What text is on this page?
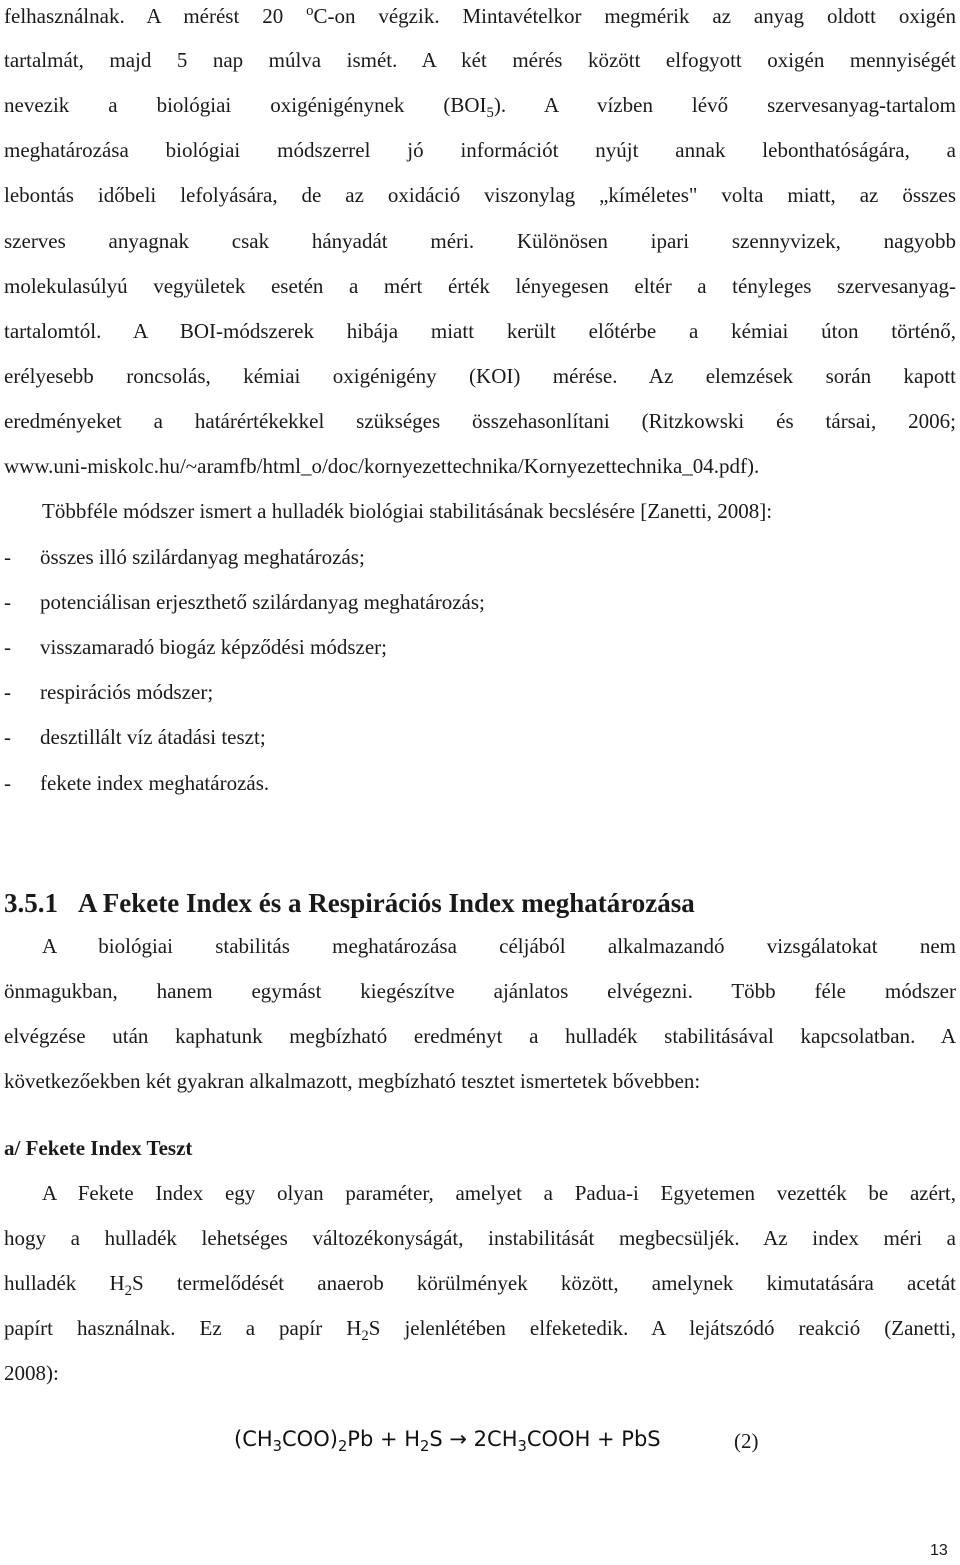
felhasználnak. A mérést 20 $^o$C-on végzik. Mintavételkor megmérik az anyag oldott oxigén
tartalmát, majd 5 nap múlva ismét. A két mérés között elfogyott oxigén mennyiségét
nevezik a biológiai oxigénigénynek $(BOI_5)$. A vízben lévő szervesanyag-tartalom
meghatározása biológiai módszerrel jó információt nyújt annak lebonthatóságára, a
lebontás időbeli lefolyására, de az oxidáció viszonylag „kíméletes" volta miatt, az összes
szerves anyagnak csak hányadát méri. Különösen ipari szennyvizek, nagyobb
molekulasúlyú vegyületek esetén a mért érték lényegesen eltér a tényleges szervesanyag-
tartalomtól. A BOI-módszerek hibája miatt került előtérbe a kémiai úton történő,
erélyesebb roncsolás, kémiai oxigénigény (KOI) mérése. Az elemzések során kapott
eredményeket a határértékekkel szükséges összehasonlítani (Ritzkowski és társai, 2006;
www.uni-miskolc.hu/~aramfb/html_o/doc/kornyezettechnika/Kornyezettechnika_04.pdf).
Többféle módszer ismert a hulladék biológiai stabilitásának becslésére [Zanetti, 2008]:
- összes illó szilárdanyag meghatározás;
- potenciálisan erjeszthető szilárdanyag meghatározás;
- visszamaradó biogáz képződési módszer;
- respirációs módszer;
- desztillált víz átadási teszt;
- fekete index meghatározás.
3.5.1 A Fekete Index és a Respirációs Index meghatározása
A biológiai stabilitás meghatározása céljából alkalmazandó vizsgálatokat nem
önmagukban, hanem egymást kiegészítve ajánlatos elvégezni. Több féle módszer
elvégzése után kaphatunk megbízható eredményt a hulladék stabilitásával kapcsolatban. A
következőekben két gyakran alkalmazott, megbízható tesztet ismertetek bővebben:
a/ Fekete Index Teszt
A Fekete Index egy olyan paraméter, amelyet a Padua-i Egyetemen vezették be azért,
hogy a hulladék lehetséges változékonyságát, instabilitását megbecsüljék. Az index méri a
hulladék $H_2S$ termelődését anaerob körülmények között, amelynek kimutatására acetát
papírt használnak. Ez a papír $H_2S$ jelenlétében elfeketedik. A lejátszódó reakció (Zanetti,
2008):
$(CH_3COO)_2Pb + H_2S$ → $2CH_3COOH$ + PbS	(2)
13
